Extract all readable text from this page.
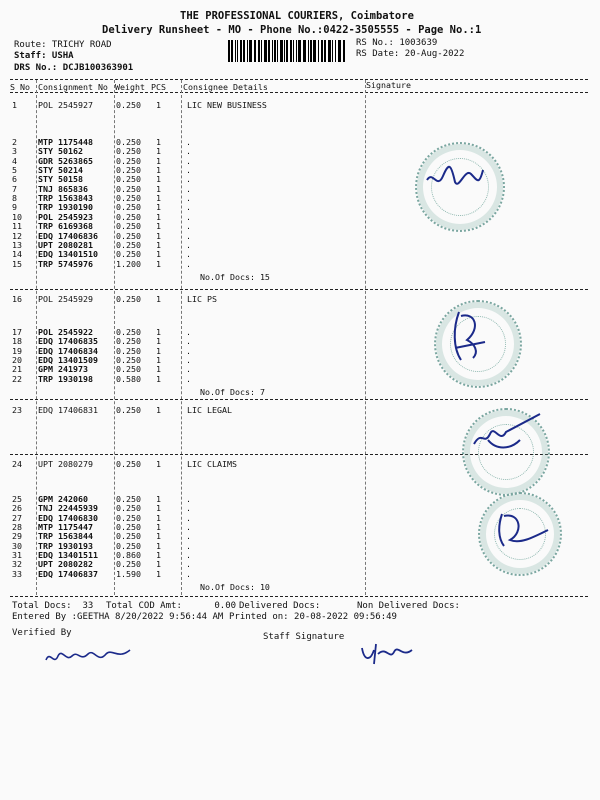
THE PROFESSIONAL COURIERS, Coimbatore
Delivery Runsheet - MO - Phone No.:0422-3505555 - Page No.:1
Route: TRICHY ROAD
Staff: USHA
DRS No.: DCJB100363901
RS No.: 1003639
RS Date: 20-Aug-2022
S No Consignment No Weight PCS Consignee Details	Signature
LIC NEW BUSINESS
1	POL 2545927	0.250 1
2	MTP 1175448	0.250 1	.
3	STY 50162	0.250 1	.
4	GDR 5263865	0.250 1	.
5	STY 50214	0.250 1	.
6	STY 50158	0.250 1	.
7	TNJ 865836	0.250 1	.
8	TRP 1563843	0.250 1	.
9	TRP 1930190	0.250 1	.
10 POL 2545923	0.250 1	.
11 TRP 6169368	0.250 1	.
12 EDQ 17406836 0.250 1	.
13 UPT 2080281	0.250 1	.
14 EDQ 13401510 0.250 1	.
15 TRP 5745976	1.200 1	.
No.Of Docs: 15
LIC PS
16 POL 2545929	0.250 1
17 POL 2545922	0.250 1	.
18 EDQ 17406835 0.250 1	.
19 EDQ 17406834 0.250 1	.
20 EDQ 13401509 0.250 1	.
21 GPM 241973	0.250 1	.
22 TRP 1930198	0.580 1	.
No.Of Docs: 7
LIC LEGAL
23 EDQ 17406831 0.250 1
LIC CLAIMS
24 UPT 2080279	0.250 1
25 GPM 242060	0.250 1	.
26 TNJ 22445939 0.250 1	.
27 EDQ 17406830 0.250 1	.
28 MTP 1175447	0.250 1	.
29 TRP 1563844	0.250 1	.
30 TRP 1930193	0.250 1	.
31 EDQ 13401511 0.860 1	.
32 UPT 2080282	0.250 1	.
33 EDQ 17406837 1.590 1	.
No.Of Docs: 10
Total Docs:  33 Total COD Amt:      0.00 Delivered Docs:	Non Delivered Docs:
Entered By :GEETHA 8/20/2022 9:56:44 AM Printed on: 20-08-2022 09:56:49
Verified By	Staff Signature
